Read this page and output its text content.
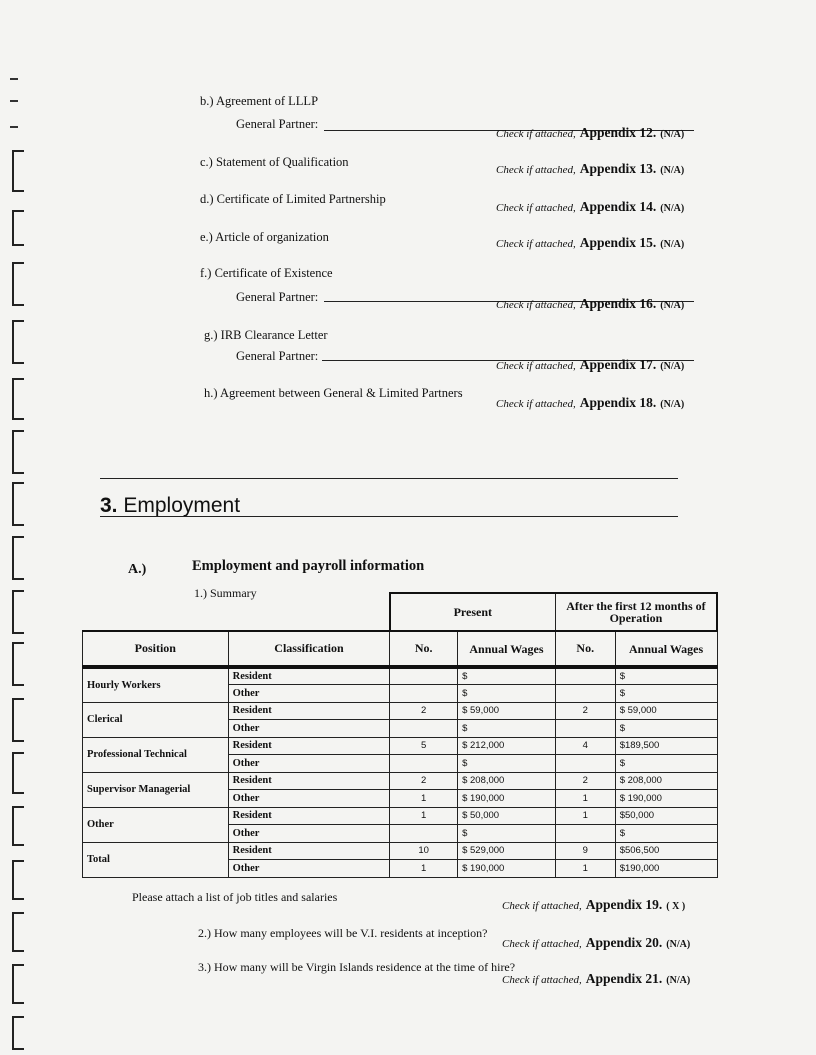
b.) Agreement of LLLP
General Partner:
Check if attached, Appendix 12. (N/A)
c.) Statement of Qualification
Check if attached, Appendix 13. (N/A)
d.) Certificate of Limited Partnership
Check if attached, Appendix 14. (N/A)
e.) Article of organization	Check if attached, Appendix 15. (N/A)
f.) Certificate of Existence
General Partner:
Check if attached, Appendix 16. (N/A)
g.) IRB Clearance Letter
General Partner:
Check if attached, Appendix 17. (N/A)
h.) Agreement between General & Limited Partners
Check if attached, Appendix 18. (N/A)
3. Employment
A.)	Employment and payroll information
1.) Summary
		Present		After the first 12 months of Operation	
Position	Classification	No.	Annual Wages	No.	Annual Wages
Hourly Workers	Resident		$		$
	Other		$		$
Clerical	Resident	2	$ 59,000	2	$ 59,000
	Other		$		$
Professional Technical	Resident	5	$ 212,000	4	$189,500
	Other		$		$
Supervisor Managerial	Resident	2	$ 208,000	2	$ 208,000
	Other	1	$ 190,000	1	$ 190,000
Other	Resident	1	$ 50,000	1	$50,000
	Other		$		$
Total	Resident	10	$ 529,000	9	$506,500
	Other	1	$ 190,000	1	$190,000
Please attach a list of job titles and salaries
Check if attached, Appendix 19. ( X )
2.) How many employees will be V.I. residents at inception?
Check if attached, Appendix 20. (N/A)
3.) How many will be Virgin Islands residence at the time of hire?
Check if attached, Appendix 21. (N/A)
